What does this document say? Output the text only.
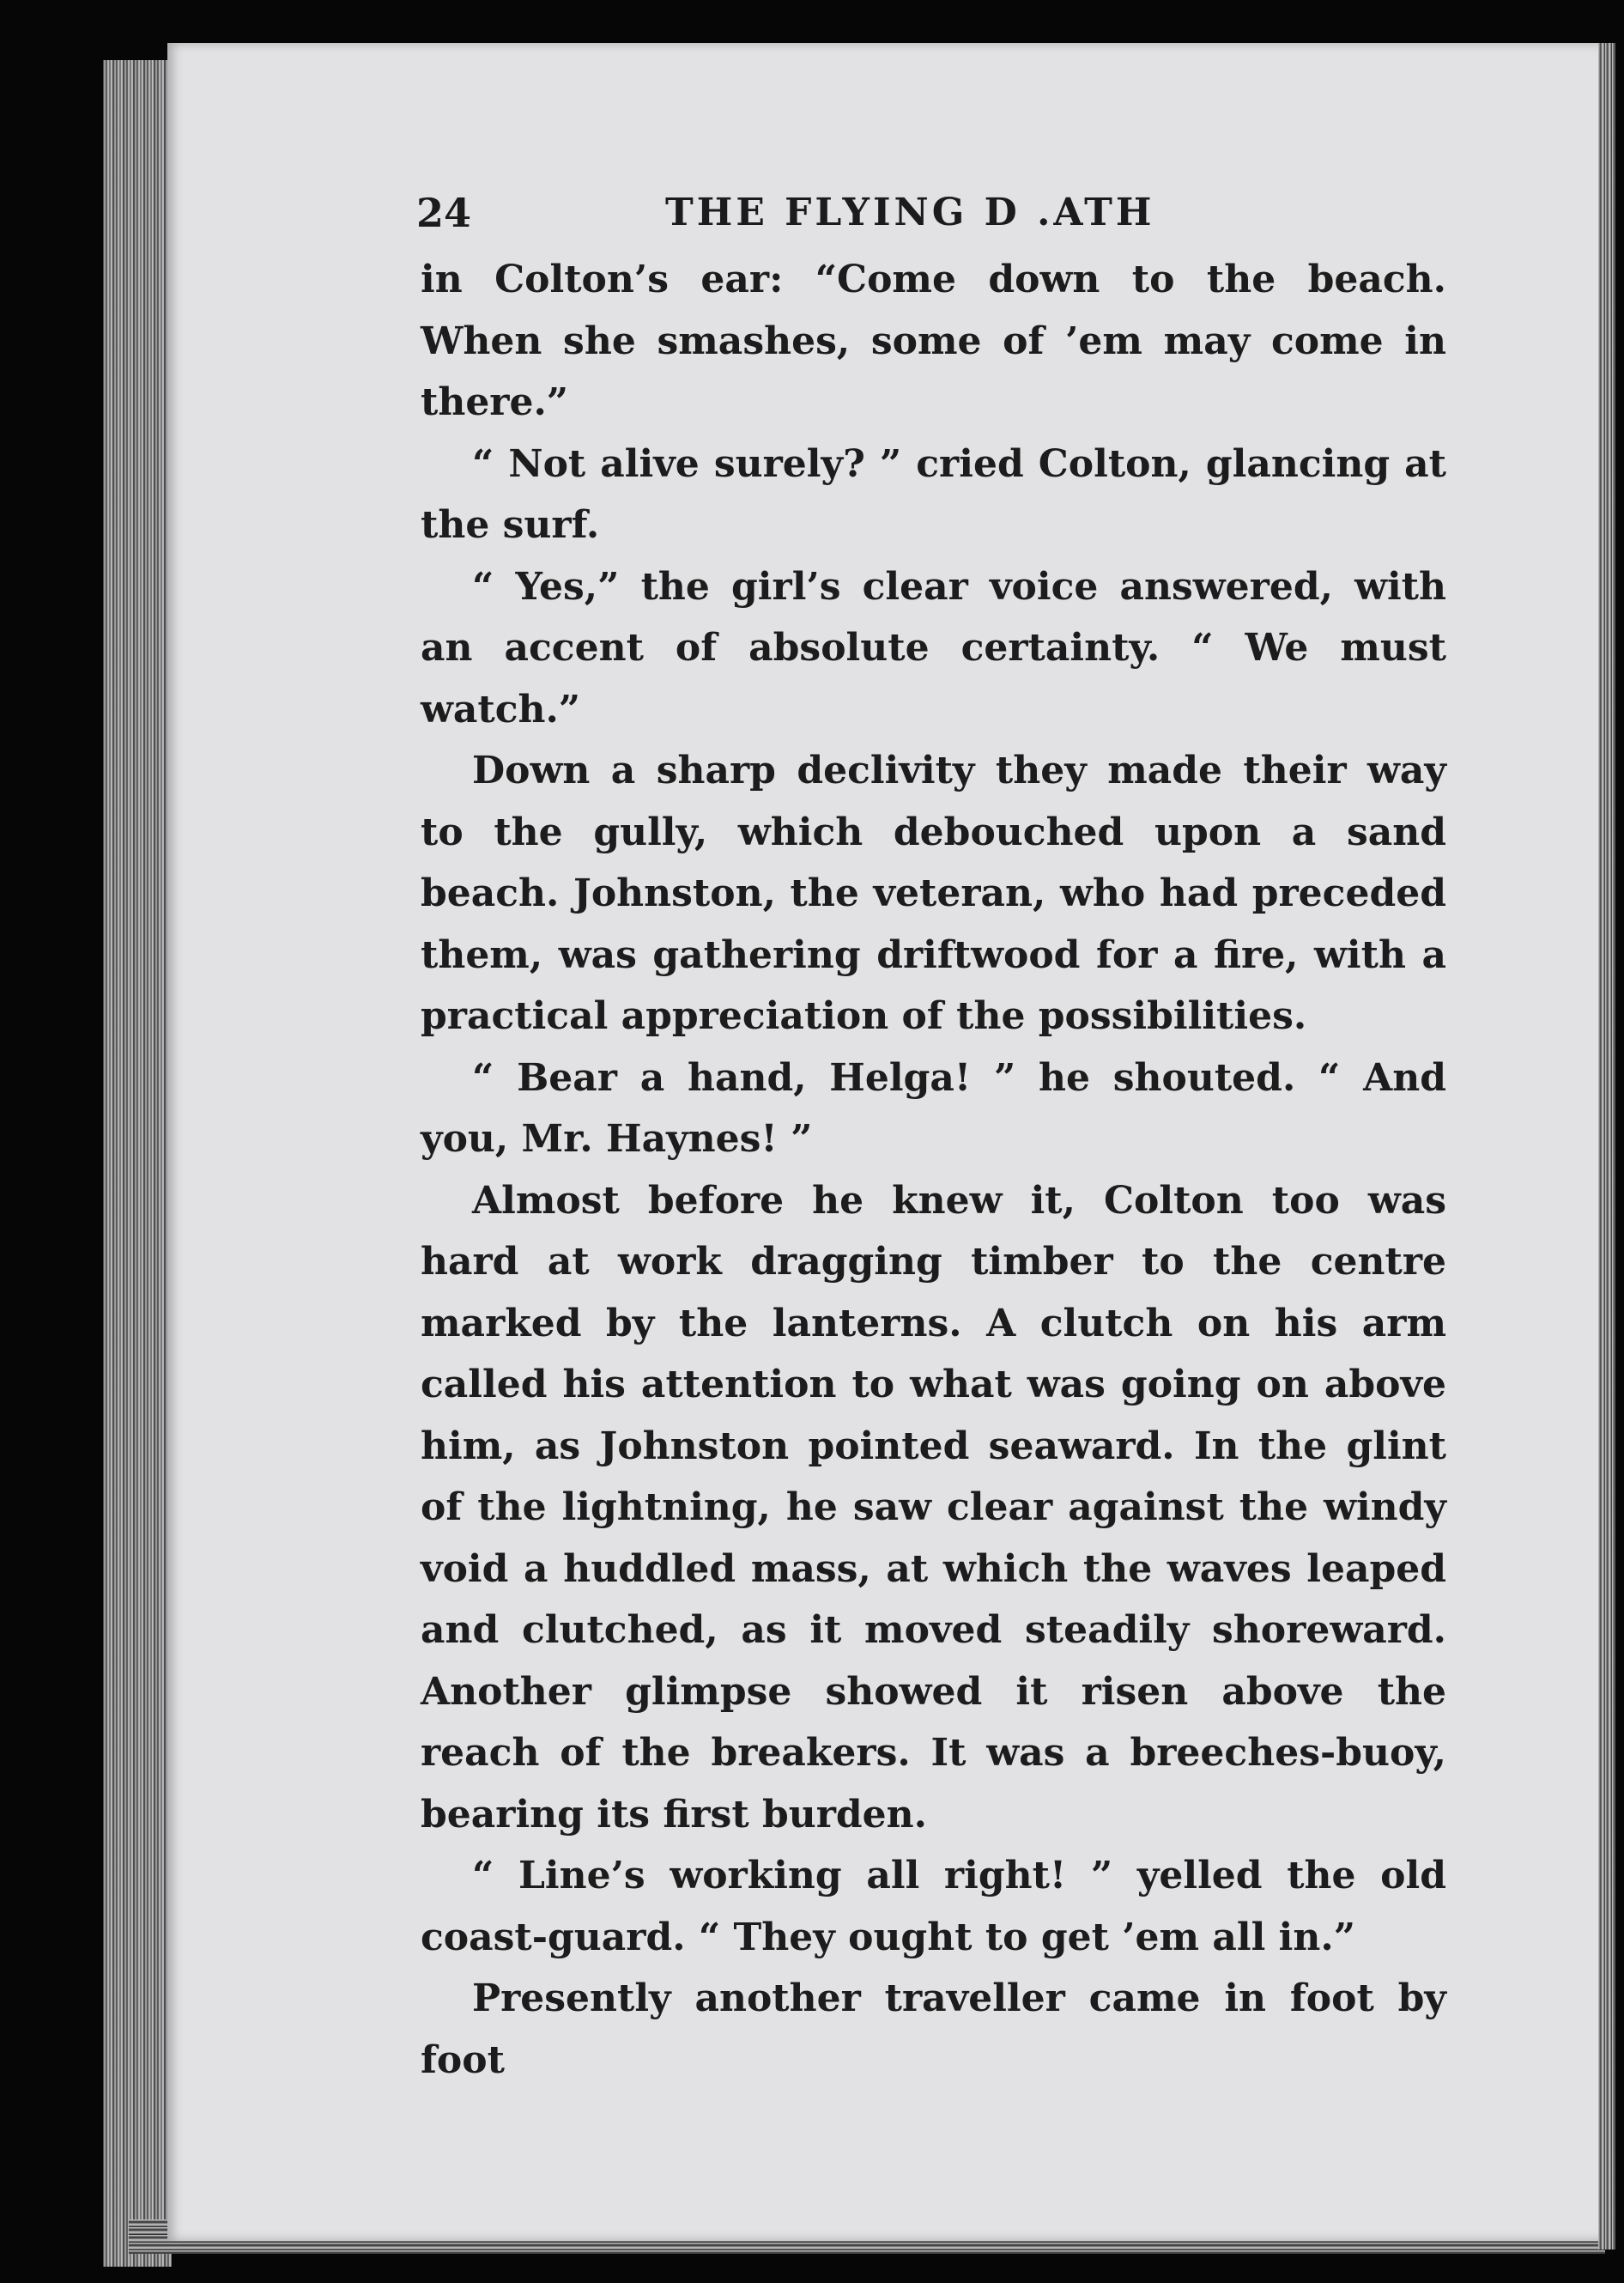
24	THE FLYING D .ATH

in Colton’s ear: “Come down to the beach. When she smashes, some of ’em may come in there.”

“ Not alive surely? ” cried Colton, glancing at the surf.

“ Yes,” the girl’s clear voice answered, with an accent of absolute certainty. “ We must watch.”

Down a sharp declivity they made their way to the gully, which debouched upon a sand beach. Johnston, the veteran, who had preceded them, was gathering driftwood for a fire, with a practical appreciation of the possibilities.

“ Bear a hand, Helga! ” he shouted. “ And you, Mr. Haynes! ”

Almost before he knew it, Colton too was hard at work dragging timber to the centre marked by the lanterns. A clutch on his arm called his attention to what was going on above him, as Johnston pointed seaward. In the glint of the lightning, he saw clear against the windy void a huddled mass, at which the waves leaped and clutched, as it moved steadily shoreward. Another glimpse showed it risen above the reach of the breakers. It was a breeches-buoy, bearing its first burden.

“ Line’s working all right! ” yelled the old coast-guard. “ They ought to get ’em all in.”

Presently another traveller came in foot by foot
